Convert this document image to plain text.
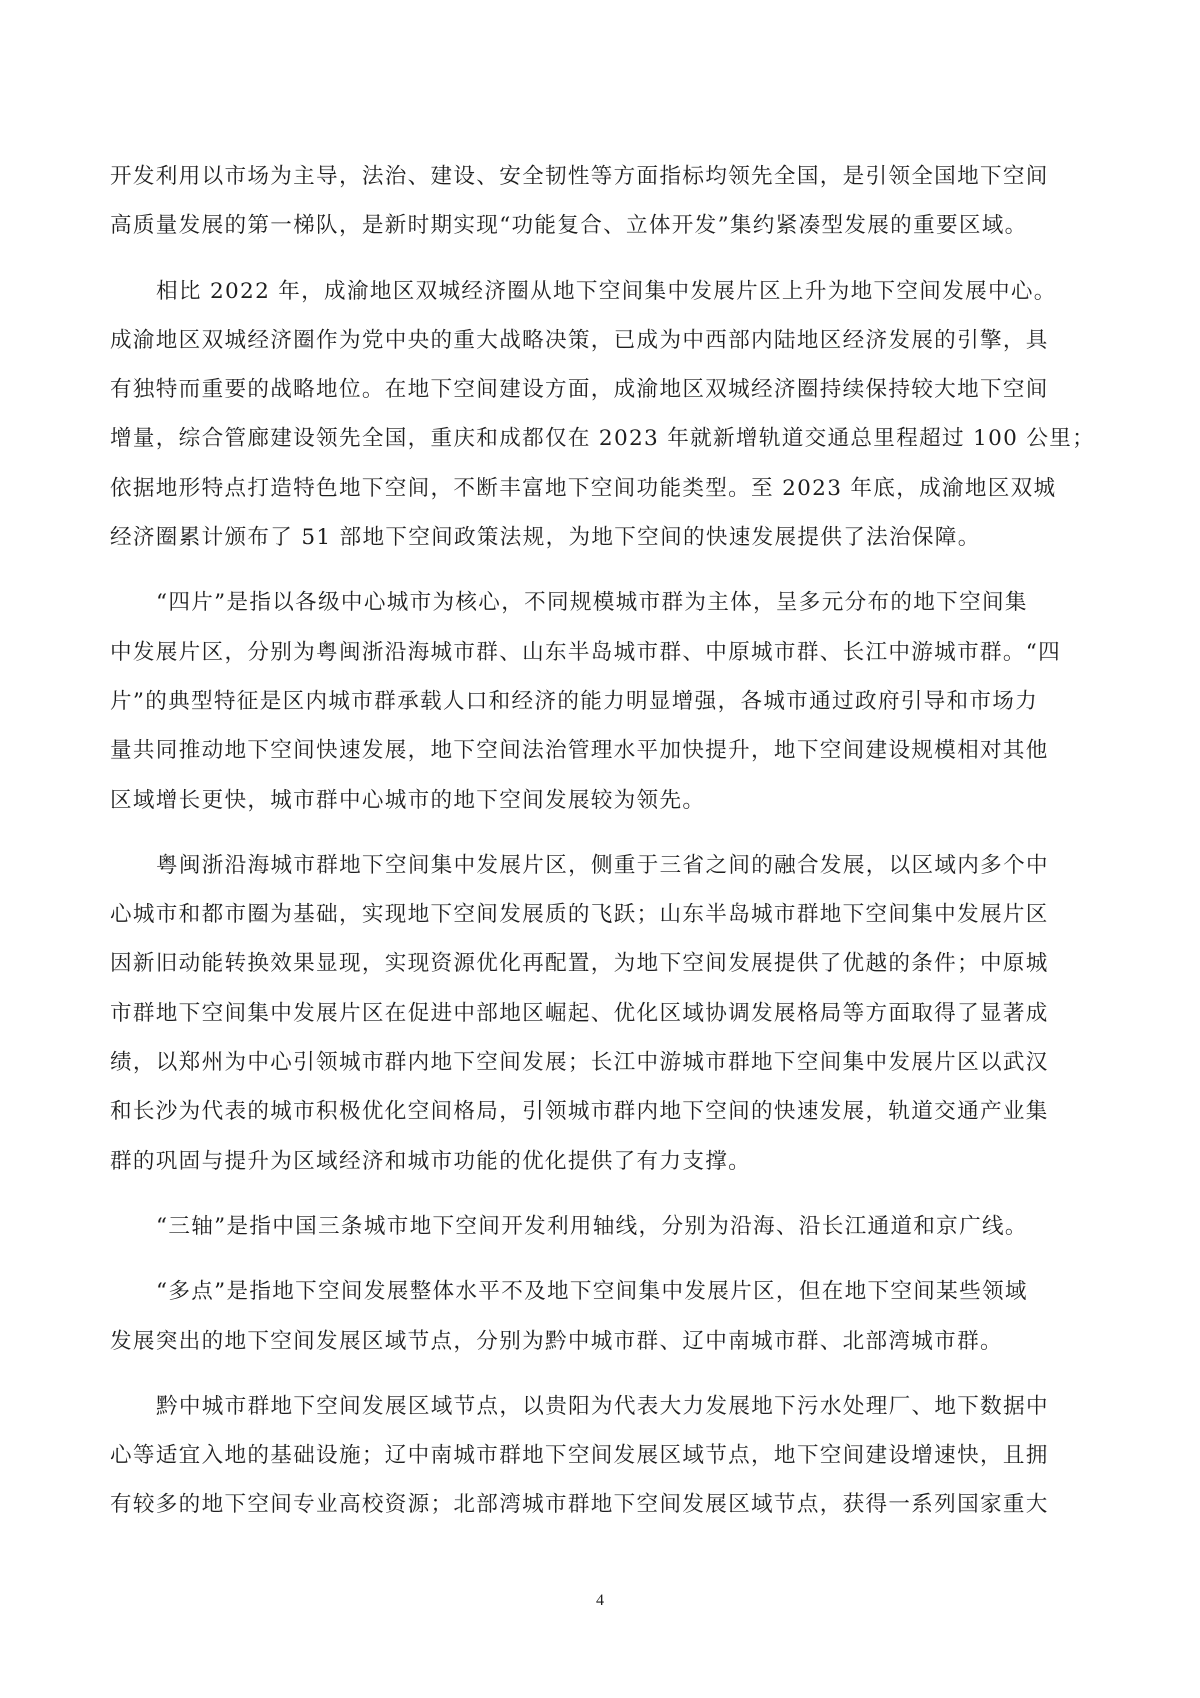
开发利用以市场为主导，法治、建设、安全韧性等方面指标均领先全国，是引领全国地下空间
高质量发展的第一梯队，是新时期实现“功能复合、立体开发”集约紧凑型发展的重要区域。

相比 2022 年，成渝地区双城经济圈从地下空间集中发展片区上升为地下空间发展中心。
成渝地区双城经济圈作为党中央的重大战略决策，已成为中西部内陆地区经济发展的引擎，具
有独特而重要的战略地位。在地下空间建设方面，成渝地区双城经济圈持续保持较大地下空间
增量，综合管廊建设领先全国，重庆和成都仅在 2023 年就新增轨道交通总里程超过 100 公里；
依据地形特点打造特色地下空间，不断丰富地下空间功能类型。至 2023 年底，成渝地区双城
经济圈累计颁布了 51 部地下空间政策法规，为地下空间的快速发展提供了法治保障。

“四片”是指以各级中心城市为核心，不同规模城市群为主体，呈多元分布的地下空间集
中发展片区，分别为粤闽浙沿海城市群、山东半岛城市群、中原城市群、长江中游城市群。“四
片”的典型特征是区内城市群承载人口和经济的能力明显增强，各城市通过政府引导和市场力
量共同推动地下空间快速发展，地下空间法治管理水平加快提升，地下空间建设规模相对其他
区域增长更快，城市群中心城市的地下空间发展较为领先。

粤闽浙沿海城市群地下空间集中发展片区，侧重于三省之间的融合发展，以区域内多个中
心城市和都市圈为基础，实现地下空间发展质的飞跃；山东半岛城市群地下空间集中发展片区
因新旧动能转换效果显现，实现资源优化再配置，为地下空间发展提供了优越的条件；中原城
市群地下空间集中发展片区在促进中部地区崛起、优化区域协调发展格局等方面取得了显著成
绩，以郑州为中心引领城市群内地下空间发展；长江中游城市群地下空间集中发展片区以武汉
和长沙为代表的城市积极优化空间格局，引领城市群内地下空间的快速发展，轨道交通产业集
群的巩固与提升为区域经济和城市功能的优化提供了有力支撑。

“三轴”是指中国三条城市地下空间开发利用轴线，分别为沿海、沿长江通道和京广线。

“多点”是指地下空间发展整体水平不及地下空间集中发展片区，但在地下空间某些领域
发展突出的地下空间发展区域节点，分别为黔中城市群、辽中南城市群、北部湾城市群。

黔中城市群地下空间发展区域节点，以贵阳为代表大力发展地下污水处理厂、地下数据中
心等适宜入地的基础设施；辽中南城市群地下空间发展区域节点，地下空间建设增速快，且拥
有较多的地下空间专业高校资源；北部湾城市群地下空间发展区域节点，获得一系列国家重大

4
